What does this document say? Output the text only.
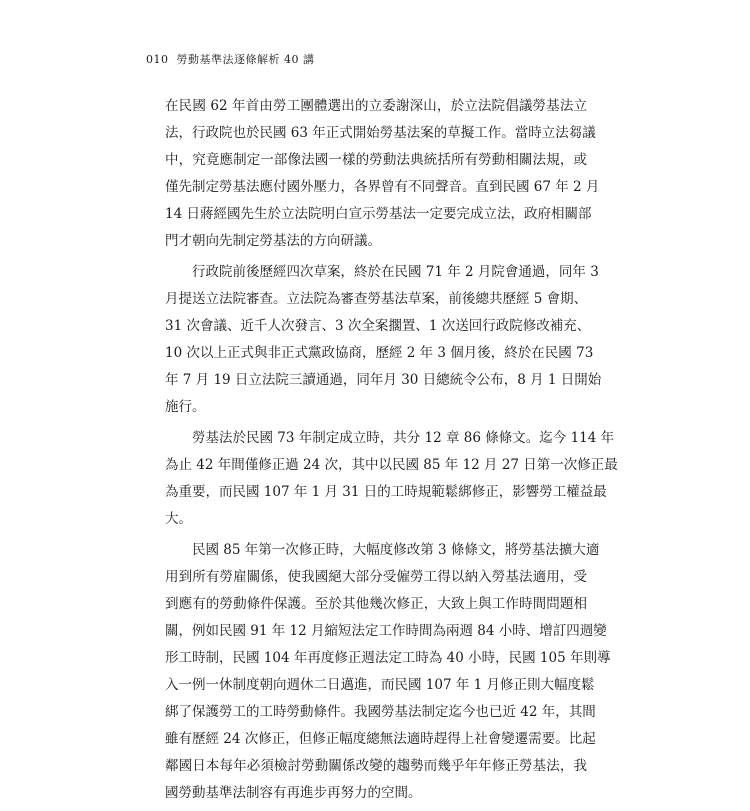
010 勞動基準法逐條解析 40 講
在民國 62 年首由勞工團體選出的立委謝深山，於立法院倡議勞基法立
法，行政院也於民國 63 年正式開始勞基法案的草擬工作。當時立法芻議
中，究竟應制定一部像法國一樣的勞動法典統括所有勞動相關法規，或
僅先制定勞基法應付國外壓力，各界曾有不同聲音。直到民國 67 年 2 月
14 日蔣經國先生於立法院明白宣示勞基法一定要完成立法，政府相關部
門才朝向先制定勞基法的方向研議。
行政院前後歷經四次草案，終於在民國 71 年 2 月院會通過，同年 3
月提送立法院審查。立法院為審查勞基法草案，前後總共歷經 5 會期、
31 次會議、近千人次發言、3 次全案擱置、1 次送回行政院修改補充、
10 次以上正式與非正式黨政協商，歷經 2 年 3 個月後，終於在民國 73
年 7 月 19 日立法院三讀通過，同年月 30 日總統令公布，8 月 1 日開始
施行。
勞基法於民國 73 年制定成立時，共分 12 章 86 條條文。迄今 114 年
為止 42 年間僅修正過 24 次，其中以民國 85 年 12 月 27 日第一次修正最
為重要，而民國 107 年 1 月 31 日的工時規範鬆綁修正，影響勞工權益最
大。
民國 85 年第一次修正時，大幅度修改第 3 條條文，將勞基法擴大適
用到所有勞雇關係，使我國絕大部分受僱勞工得以納入勞基法適用，受
到應有的勞動條件保護。至於其他幾次修正，大致上與工作時間問題相
關，例如民國 91 年 12 月縮短法定工作時間為兩週 84 小時、增訂四週變
形工時制，民國 104 年再度修正週法定工時為 40 小時，民國 105 年則導
入一例一休制度朝向週休二日邁進，而民國 107 年 1 月修正則大幅度鬆
綁了保護勞工的工時勞動條件。我國勞基法制定迄今也已近 42 年，其間
雖有歷經 24 次修正，但修正幅度總無法適時趕得上社會變遷需要。比起
鄰國日本每年必須檢討勞動關係改變的趨勢而幾乎年年修正勞基法，我
國勞動基準法制容有再進步再努力的空間。
